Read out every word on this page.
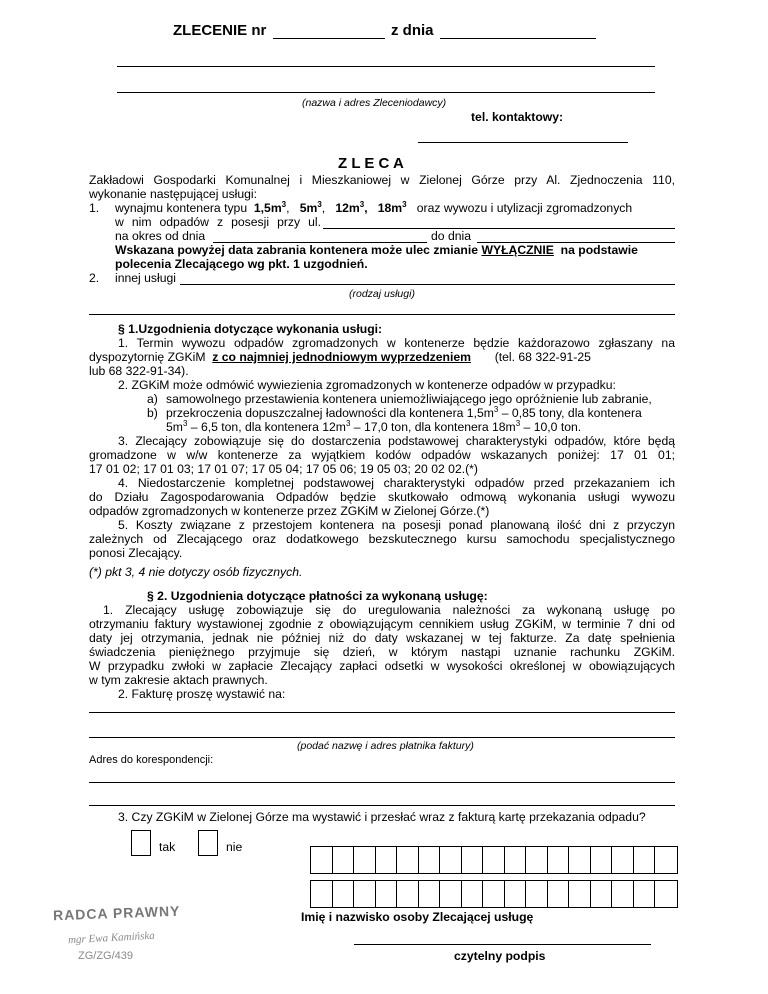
ZLECENIE nr	z dnia
(nazwa i adres Zleceniodawcy)
tel. kontaktowy:
Z L E C A
Zakładowi Gospodarki Komunalnej i Mieszkaniowej w Zielonej Górze przy Al. Zjednoczenia 110,
wykonanie następującej usługi:
1. wynajmu kontenera typu $1,5m^3$, $5m^3$, $12m^3$, $18m^3$ oraz wywozu i utylizacji zgromadzonych
w nim odpadów z posesji przy ul.
na okres od dnia	do dnia
Wskazana powyżej data zabrania kontenera może ulec zmianie WYŁĄCZNIE na podstawie
polecenia Zlecającego wg pkt. 1 uzgodnień.
2. innej usługi
(rodzaj usługi)
§ 1.Uzgodnienia dotyczące wykonania usługi:
1. Termin wywozu odpadów zgromadzonych w kontenerze będzie każdorazowo zgłaszany na
dyspozytornię ZGKiM z co najmniej jednodniowym wyprzedzeniem (tel. 68 322-91-25
lub 68 322-91-34).
2. ZGKiM może odmówić wywiezienia zgromadzonych w kontenerze odpadów w przypadku:
a) samowolnego przestawienia kontenera uniemożliwiającego jego opróżnienie lub zabranie,
b) przekroczenia dopuszczalnej ładowności dla kontenera $1,5m^3 - 0,85$ tony, dla kontenera
$5m^3 - 6,5$ ton, dla kontenera $12m^3 - 17,0$ ton, dla kontenera $18m^3 - 10,0$ ton.
3. Zlecający zobowiązuje się do dostarczenia podstawowej charakterystyki odpadów, które będą
gromadzone w w/w kontenerze za wyjątkiem kodów odpadów wskazanych poniżej: 17 01 01;
17 01 02; 17 01 03; 17 01 07; 17 05 04; 17 05 06; 19 05 03; 20 02 02.(*)
4. Niedostarczenie kompletnej podstawowej charakterystyki odpadów przed przekazaniem ich
do Działu Zagospodarowania Odpadów będzie skutkowało odmową wykonania usługi wywozu
odpadów zgromadzonych w kontenerze przez ZGKiM w Zielonej Górze.(*)
5. Koszty związane z przestojem kontenera na posesji ponad planowaną ilość dni z przyczyn
zależnych od Zlecającego oraz dodatkowego bezskutecznego kursu samochodu specjalistycznego
ponosi Zlecający.
(*) pkt 3, 4 nie dotyczy osób fizycznych.
§ 2. Uzgodnienia dotyczące płatności za wykonaną usługę:
1. Zlecający usługę zobowiązuje się do uregulowania należności za wykonaną usługę po
otrzymaniu faktury wystawionej zgodnie z obowiązującym cennikiem usług ZGKiM, w terminie 7 dni od
daty jej otrzymania, jednak nie później niż do daty wskazanej w tej fakturze. Za datę spełnienia
świadczenia pieniężnego przyjmuje się dzień, w którym nastąpi uznanie rachunku ZGKiM.
W przypadku zwłoki w zapłacie Zlecający zapłaci odsetki w wysokości określonej w obowiązujących
w tym zakresie aktach prawnych.
2. Fakturę proszę wystawić na:
(podać nazwę i adres płatnika faktury)
Adres do korespondencji:
3. Czy ZGKiM w Zielonej Górze ma wystawić i przesłać wraz z fakturą kartę przekazania odpadu?
tak	nie
Imię i nazwisko osoby Zlecającej usługę
czytelny podpis
RADCA PRAWNY
mgr Ewa Kamińska
ZG/ZG/439
